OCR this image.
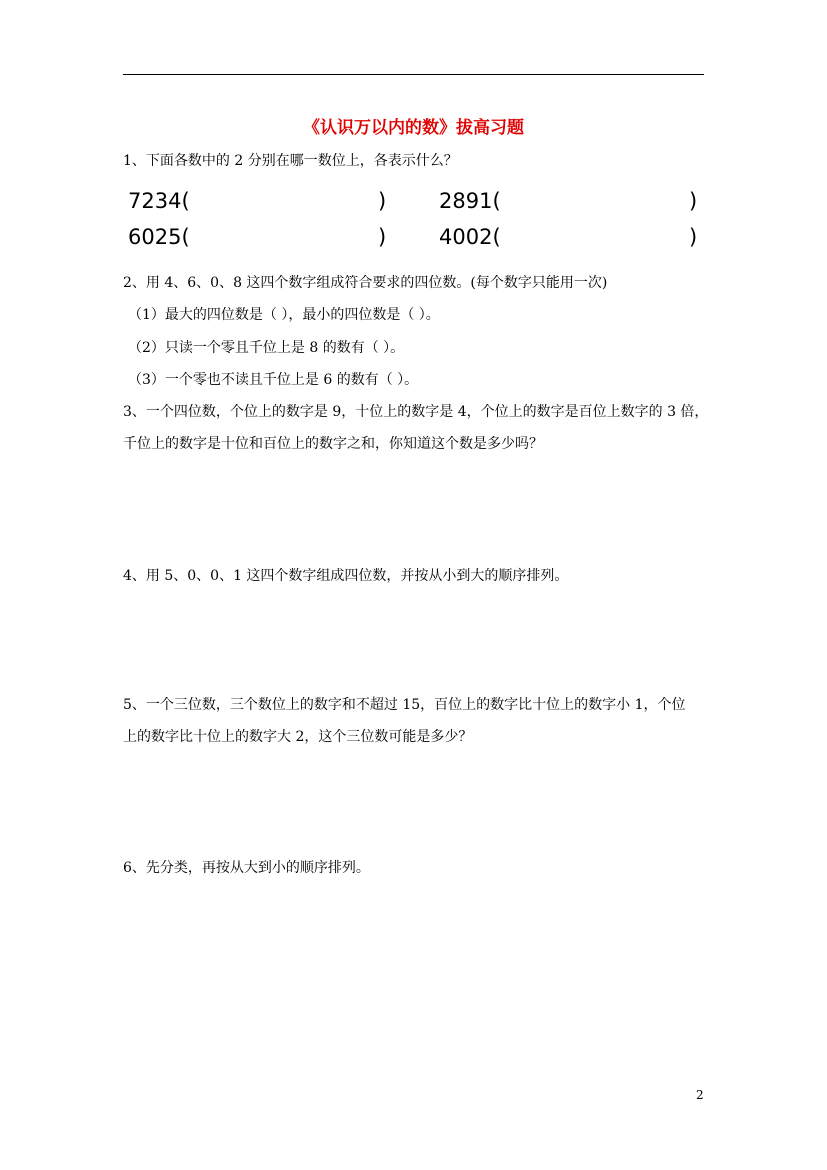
《认识万以内的数》拔高习题
1、下面各数中的 2 分别在哪一数位上，各表示什么？
7234(	)	2891(	)
6025(	)	4002(	)
2、用 4、6、0、8 这四个数字组成符合要求的四位数。(每个数字只能用一次)
（1）最大的四位数是（ ），最小的四位数是（ ）。
（2）只读一个零且千位上是 8 的数有（ ）。
（3）一个零也不读且千位上是 6 的数有（ ）。
3、一个四位数，个位上的数字是 9，十位上的数字是 4，个位上的数字是百位上数字的 3 倍，
千位上的数字是十位和百位上的数字之和，你知道这个数是多少吗？
4、用 5、0、0、1 这四个数字组成四位数，并按从小到大的顺序排列。
5、一个三位数，三个数位上的数字和不超过 15，百位上的数字比十位上的数字小 1，个位
上的数字比十位上的数字大 2，这个三位数可能是多少？
6、先分类，再按从大到小的顺序排列。
2
